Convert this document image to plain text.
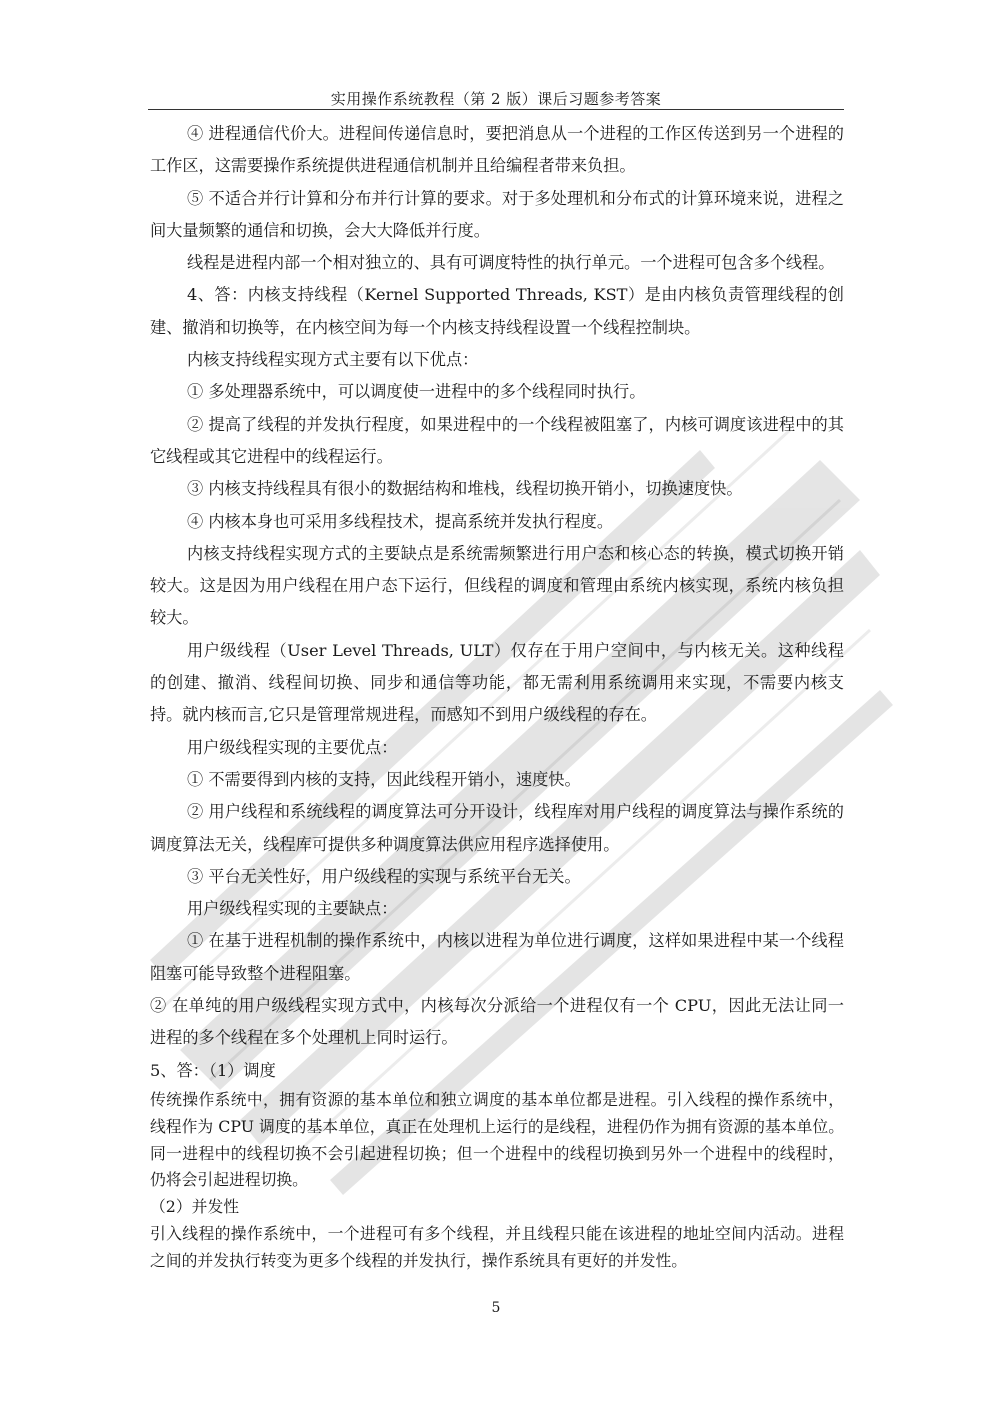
实用操作系统教程（第 2 版）课后习题参考答案

④ 进程通信代价大。进程间传递信息时，要把消息从一个进程的工作区传送到另一个进程的工作区，这需要操作系统提供进程通信机制并且给编程者带来负担。

⑤ 不适合并行计算和分布并行计算的要求。对于多处理机和分布式的计算环境来说，进程之间大量频繁的通信和切换，会大大降低并行度。

线程是进程内部一个相对独立的、具有可调度特性的执行单元。一个进程可包含多个线程。

4、答：内核支持线程（Kernel Supported Threads, KST）是由内核负责管理线程的创建、撤消和切换等，在内核空间为每一个内核支持线程设置一个线程控制块。

内核支持线程实现方式主要有以下优点：

① 多处理器系统中，可以调度使一进程中的多个线程同时执行。

② 提高了线程的并发执行程度，如果进程中的一个线程被阻塞了，内核可调度该进程中的其它线程或其它进程中的线程运行。

③ 内核支持线程具有很小的数据结构和堆栈，线程切换开销小，切换速度快。

④ 内核本身也可采用多线程技术，提高系统并发执行程度。

内核支持线程实现方式的主要缺点是系统需频繁进行用户态和核心态的转换，模式切换开销较大。这是因为用户线程在用户态下运行，但线程的调度和管理由系统内核实现，系统内核负担较大。

用户级线程（User Level Threads, ULT）仅存在于用户空间中，与内核无关。这种线程的创建、撤消、线程间切换、同步和通信等功能，都无需利用系统调用来实现，不需要内核支持。就内核而言,它只是管理常规进程，而感知不到用户级线程的存在。

用户级线程实现的主要优点：

① 不需要得到内核的支持，因此线程开销小，速度快。

② 用户线程和系统线程的调度算法可分开设计，线程库对用户线程的调度算法与操作系统的调度算法无关，线程库可提供多种调度算法供应用程序选择使用。

③ 平台无关性好，用户级线程的实现与系统平台无关。

用户级线程实现的主要缺点：

① 在基于进程机制的操作系统中，内核以进程为单位进行调度，这样如果进程中某一个线程阻塞可能导致整个进程阻塞。

② 在单纯的用户级线程实现方式中，内核每次分派给一个进程仅有一个 CPU，因此无法让同一进程的多个线程在多个处理机上同时运行。

5、答：（1）调度

传统操作系统中，拥有资源的基本单位和独立调度的基本单位都是进程。引入线程的操作系统中，线程作为 CPU 调度的基本单位，真正在处理机上运行的是线程，进程仍作为拥有资源的基本单位。同一进程中的线程切换不会引起进程切换；但一个进程中的线程切换到另外一个进程中的线程时，仍将会引起进程切换。

（2）并发性

引入线程的操作系统中，一个进程可有多个线程，并且线程只能在该进程的地址空间内活动。进程之间的并发执行转变为更多个线程的并发执行，操作系统具有更好的并发性。

5
